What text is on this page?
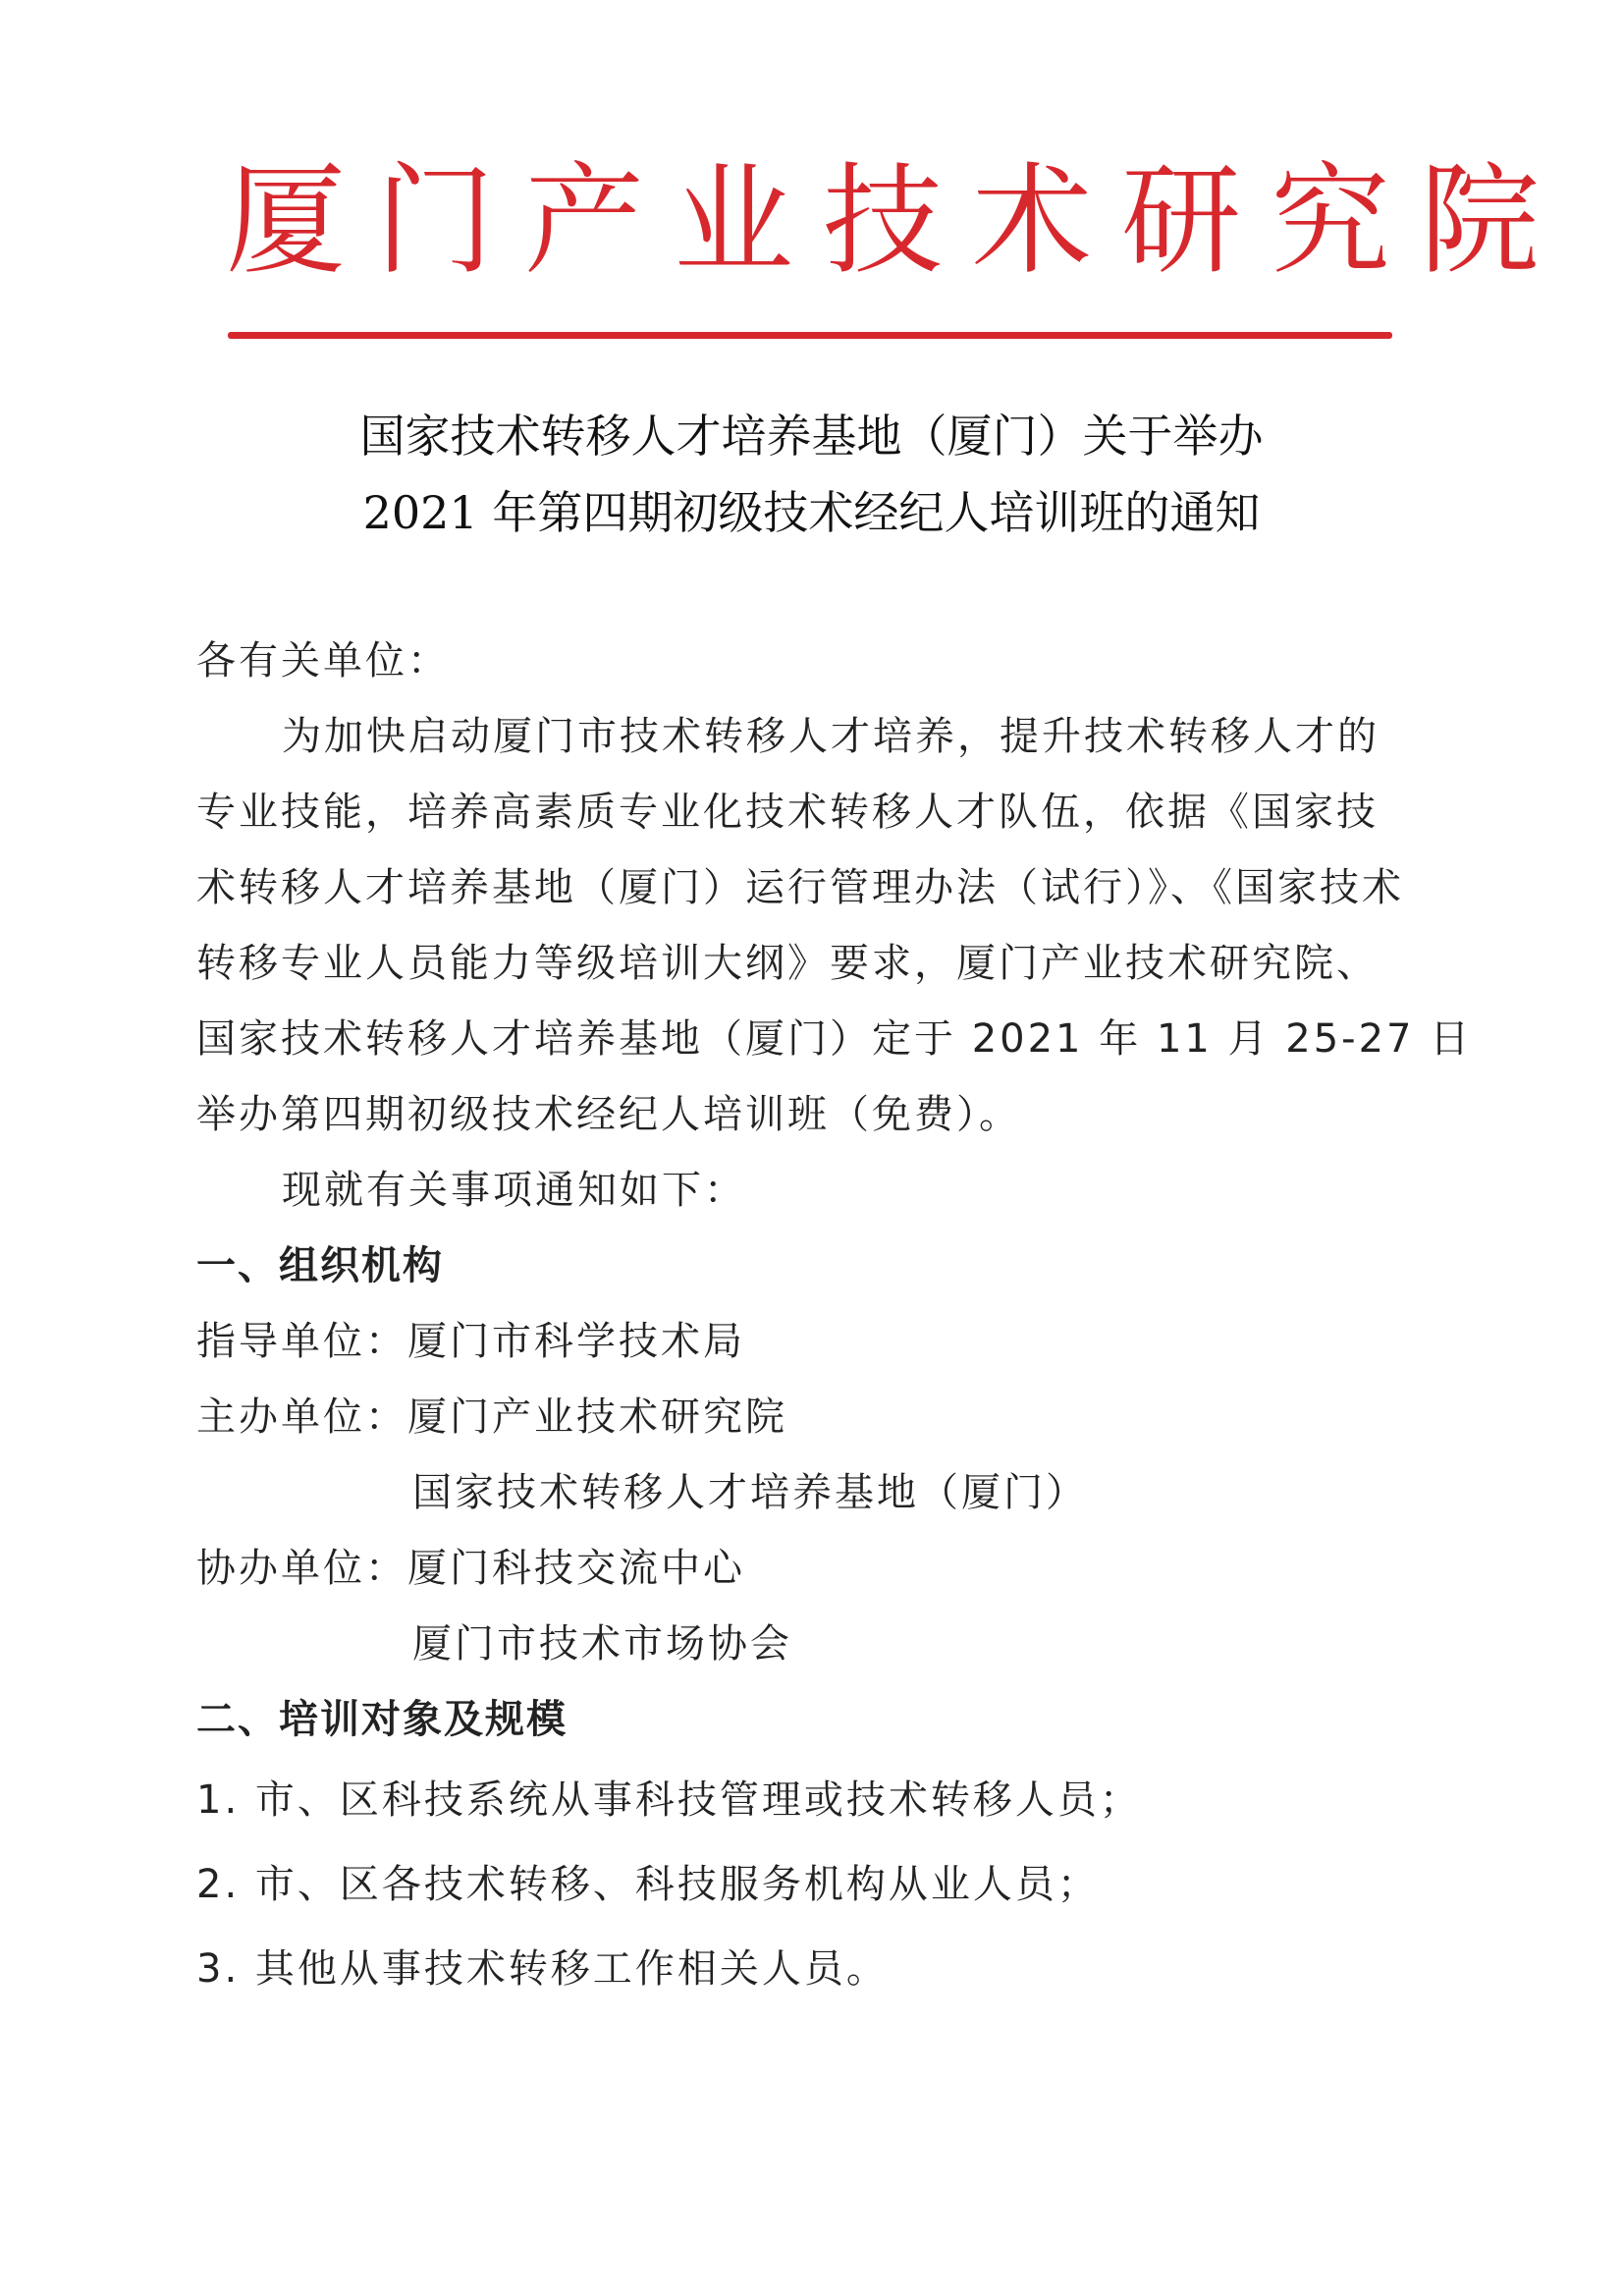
厦门产业技术研究院
国家技术转移人才培养基地（厦门）关于举办
2021 年第四期初级技术经纪人培训班的通知
各有关单位：
为加快启动厦门市技术转移人才培养，提升技术转移人才的
专业技能，培养高素质专业化技术转移人才队伍，依据《国家技
术转移人才培养基地（厦门）运行管理办法（试行）》、《国家技术
转移专业人员能力等级培训大纲》要求，厦门产业技术研究院、
国家技术转移人才培养基地（厦门）定于 2021 年 11 月 25-27 日
举办第四期初级技术经纪人培训班（免费）。
现就有关事项通知如下：
一、组织机构
指导单位：厦门市科学技术局
主办单位：厦门产业技术研究院
国家技术转移人才培养基地（厦门）
协办单位：厦门科技交流中心
厦门市技术市场协会
二、培训对象及规模
1. 市、区科技系统从事科技管理或技术转移人员；
2. 市、区各技术转移、科技服务机构从业人员；
3. 其他从事技术转移工作相关人员。
